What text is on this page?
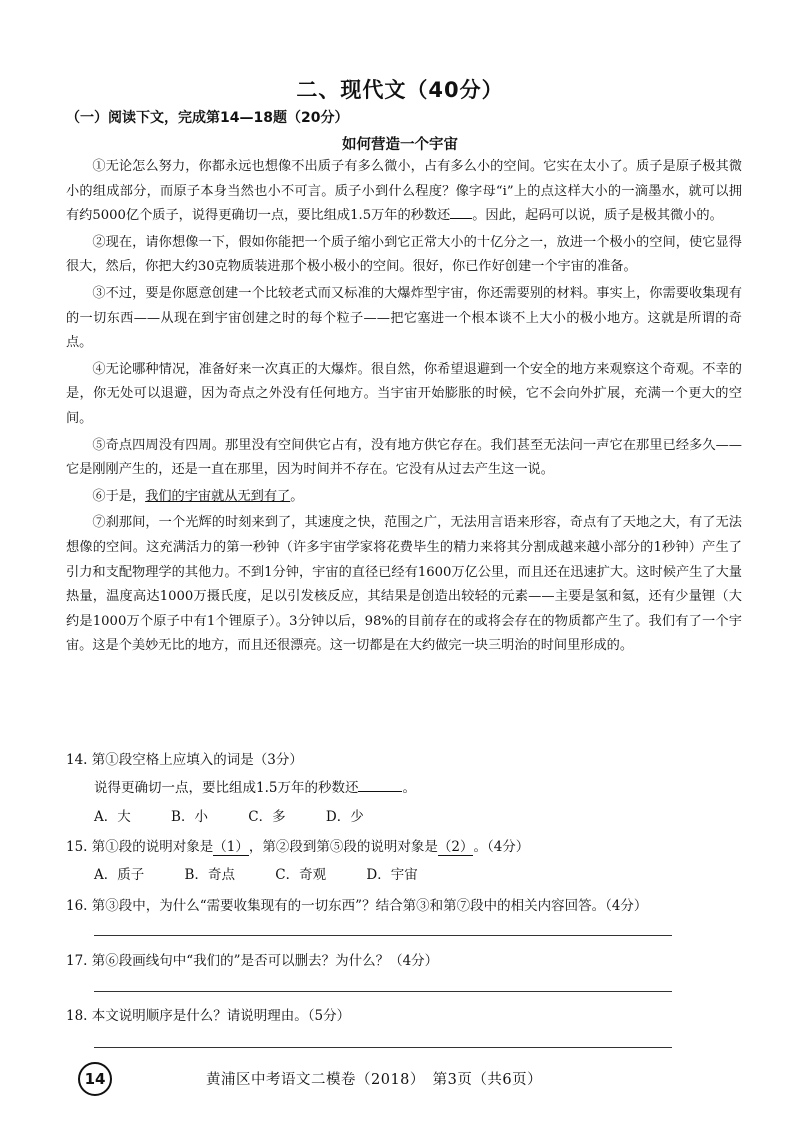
二、现代文（40分）
（一）阅读下文，完成第14—18题（20分）
如何营造一个宇宙

①无论怎么努力，你都永远也想像不出质子有多么微小，占有多么小的空间。它实在太小了。质子是原子极其微小的组成部分，而原子本身当然也小不可言。质子小到什么程度？像字母“i”上的点这样大小的一滴墨水，就可以拥有约5000亿个质子，说得更确切一点，要比组成1.5万年的秒数还 。因此，起码可以说，质子是极其微小的。

②现在，请你想像一下，假如你能把一个质子缩小到它正常大小的十亿分之一，放进一个极小的空间，使它显得很大，然后，你把大约30克物质装进那个极小极小的空间。很好，你已作好创建一个宇宙的准备。

③不过，要是你愿意创建一个比较老式而又标准的大爆炸型宇宙，你还需要别的材料。事实上，你需要收集现有的一切东西——从现在到宇宙创建之时的每个粒子——把它塞进一个根本谈不上大小的极小地方。这就是所谓的奇点。

④无论哪种情况，准备好来一次真正的大爆炸。很自然，你希望退避到一个安全的地方来观察这个奇观。不幸的是，你无处可以退避，因为奇点之外没有任何地方。当宇宙开始膨胀的时候，它不会向外扩展，充满一个更大的空间。

⑤奇点四周没有四周。那里没有空间供它占有，没有地方供它存在。我们甚至无法问一声它在那里已经多久——它是刚刚产生的，还是一直在那里，因为时间并不存在。它没有从过去产生这一说。

⑥于是，我们的宇宙就从无到有了。

⑦刹那间，一个光辉的时刻来到了，其速度之快，范围之广，无法用言语来形容，奇点有了天地之大，有了无法想像的空间。这充满活力的第一秒钟（许多宇宙学家将花费毕生的精力来将其分割成越来越小部分的1秒钟）产生了引力和支配物理学的其他力。不到1分钟，宇宙的直径已经有1600万亿公里，而且还在迅速扩大。这时候产生了大量热量，温度高达1000万摄氏度，足以引发核反应，其结果是创造出较轻的元素——主要是氢和氦，还有少量锂（大约是1000万个原子中有1个锂原子）。3分钟以后，98%的目前存在的或将会存在的物质都产生了。我们有了一个宇宙。这是个美妙无比的地方，而且还很漂亮。这一切都是在大约做完一块三明治的时间里形成的。

14. 第①段空格上应填入的词是（3分）
说得更确切一点，要比组成1.5万年的秒数还	。
A．大	B．小	C．多	D．少
15. 第①段的说明对象是（1），第②段到第⑤段的说明对象是（2）。（4分）
A．质子	B．奇点	C．奇观	D．宇宙
16. 第③段中，为什么“需要收集现有的一切东西”？结合第③和第⑦段中的相关内容回答。（4分）
17. 第⑥段画线句中“我们的”是否可以删去？为什么？（4分）
18. 本文说明顺序是什么？请说明理由。（5分）
14	黄浦区中考语文二模卷（2018）　第3页（共6页）
